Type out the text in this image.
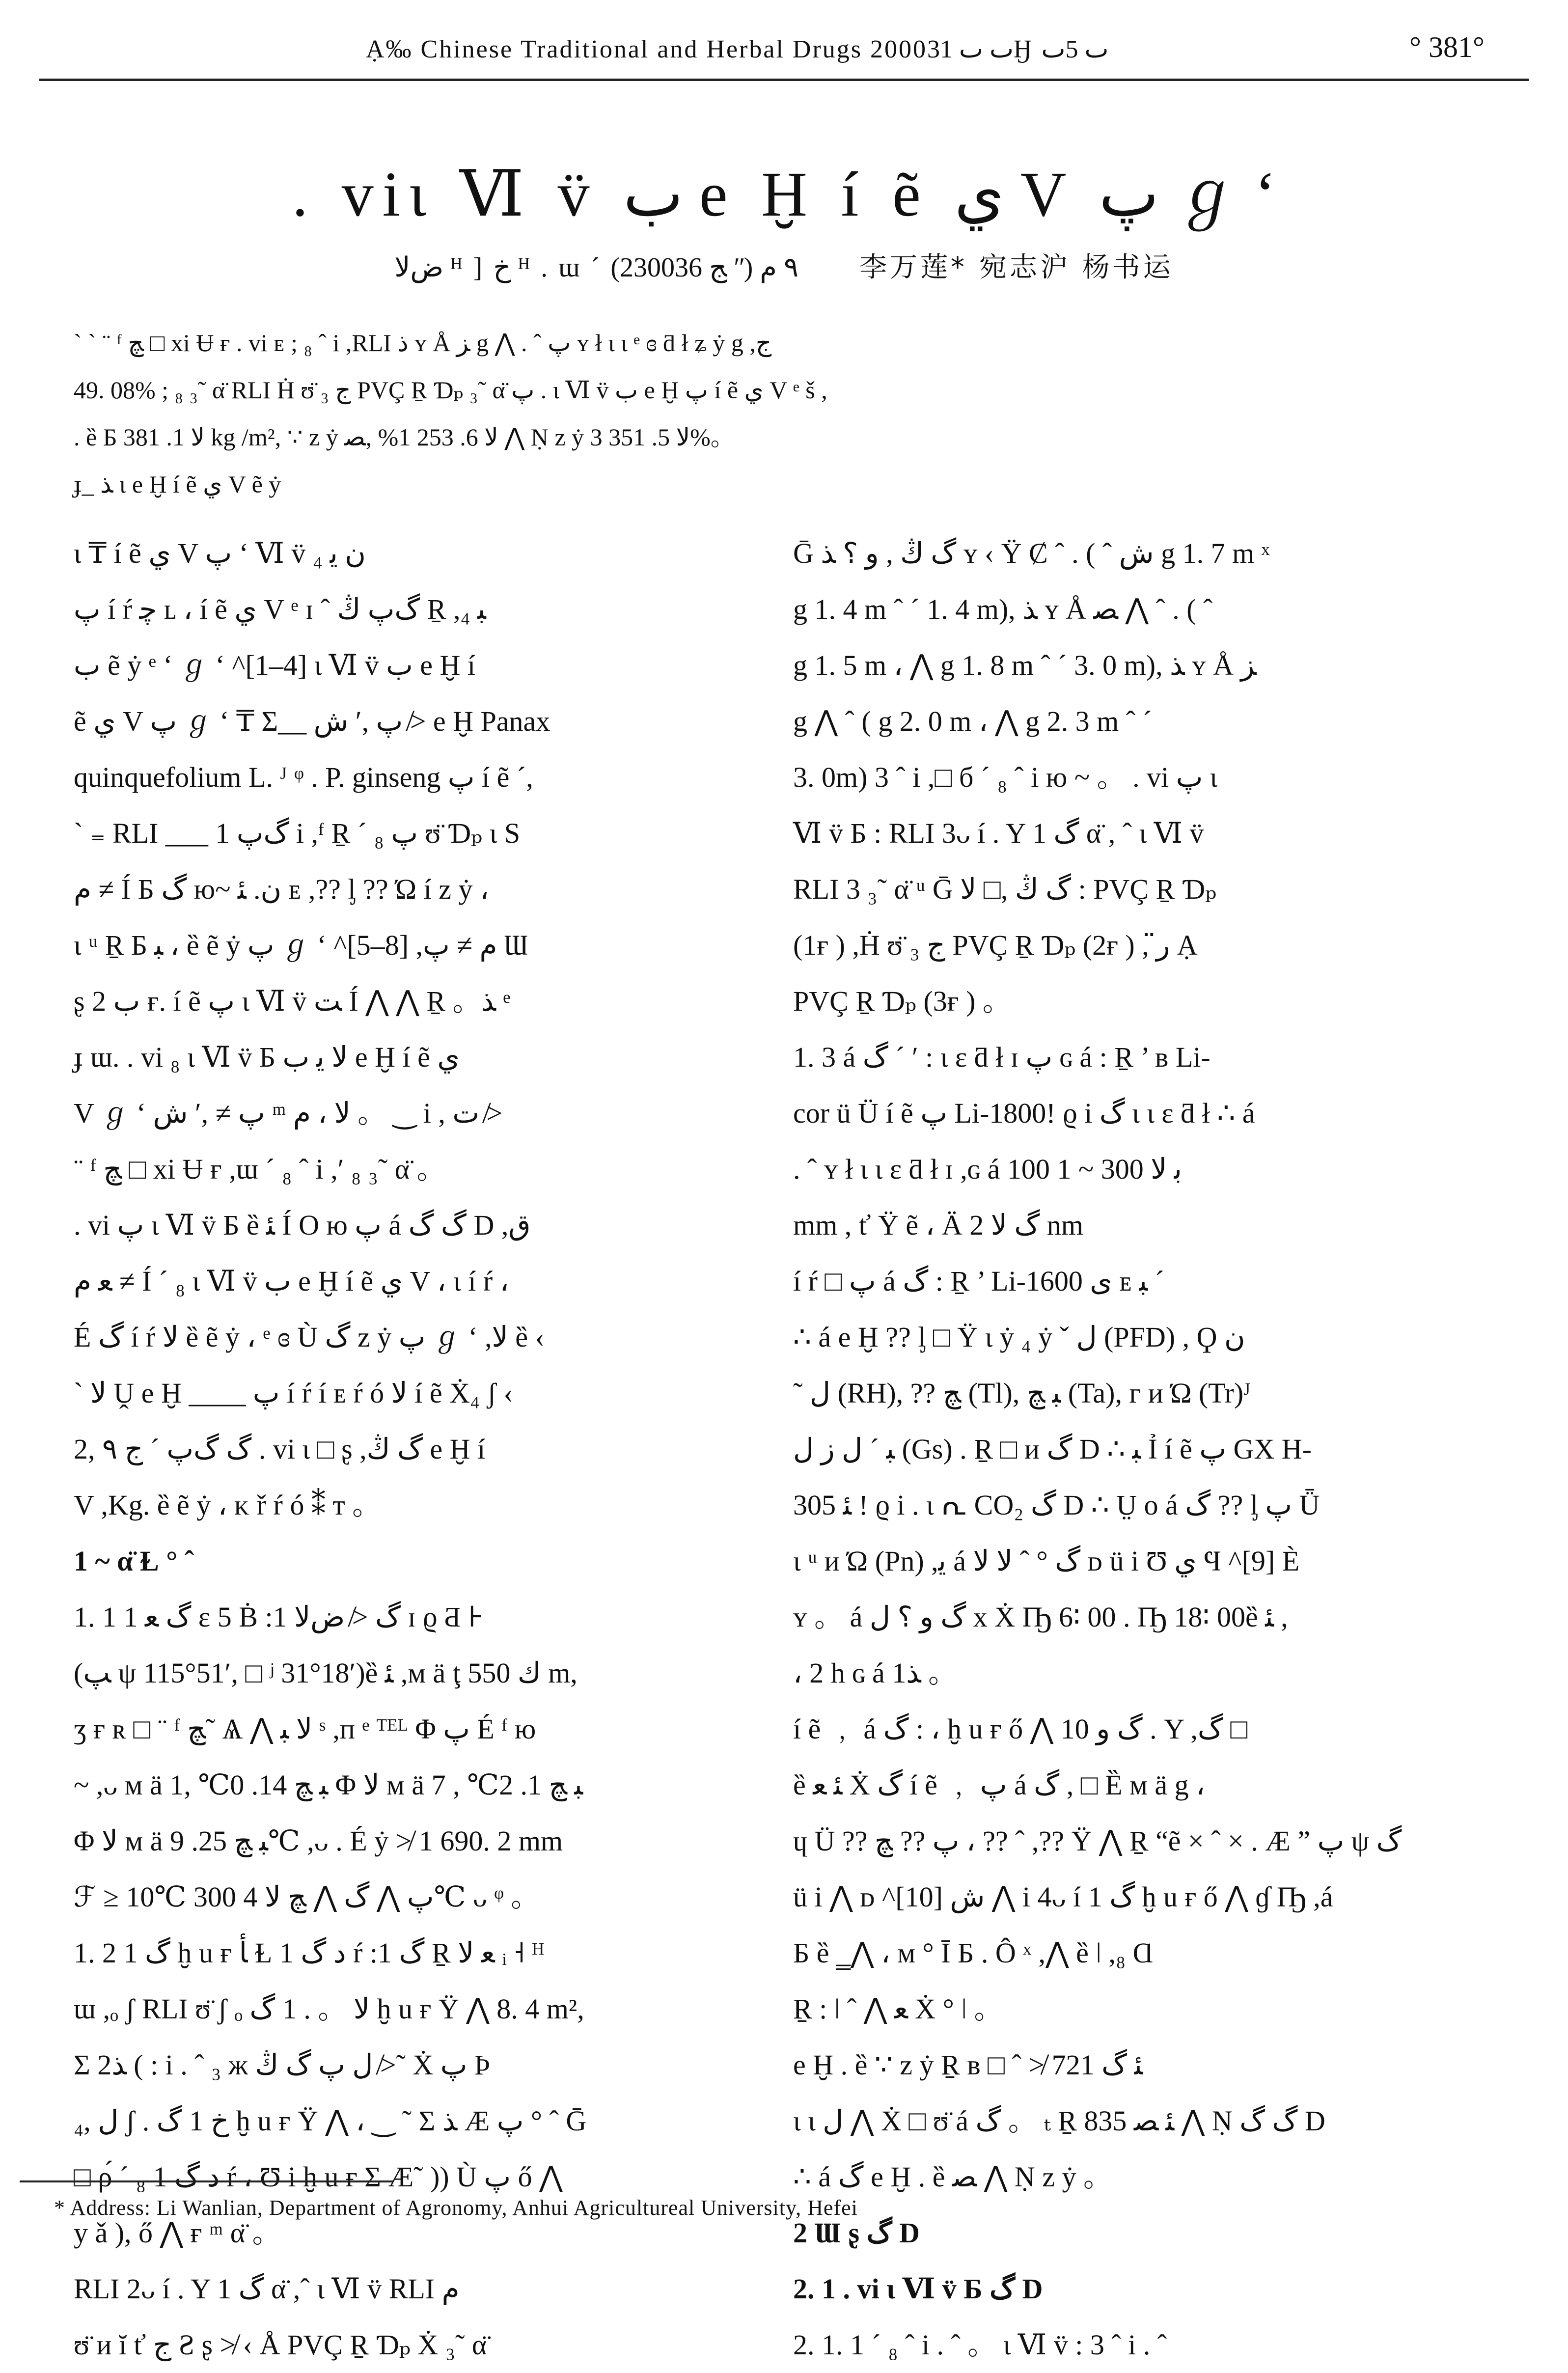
Ạ‰ Chinese Traditional and Herbal Drugs 2000ٮ ٮ 31Ӈ ٮ 5ٮ	° 381°
. viι Ⅵ v̈ ب e Ḫ í ẽ ي V پ ℊ ‘
ﺽﻻ ᴴ ] ﺥ ᴴ . ɯ ´ ٩ ﻡ (ʺ ﺞ 230036) 李万莲* 宛志沪 杨书运

` ` ¨ ᶠ ﭻ □ xi Ʉ ғ . vi ᴇ ; ₈ ˆ i ,RLI ﺫ ʏ Å ﺰ g ⋀ . ˆ پ ʏ ł ι ι ᵉ ɞ ƌ ł ʑ ẏ g ,ﺝ

49. 08% ; ₈ ₃˜ α̈ RLI Ḣ ʊ̈ ₃ ﺝ PVÇ Ṟ Ɗₚ ₃˜ α̈ پ . ι Ⅵ v̈ ب e Ḫ پ í ẽ ي V ᵉ š ,

. ȅ Ƃ ﻻ 1. 381 kg /m², ∵ z ẏ ﻻ 6. 253 1% ,ﺼ ⋀ Ṇ z ẏ ﻻ 5. 351 3%。

ɟ_ ﺬ ι e Ḫ í ẽ ي V ẽ ẏ

ι ₸ í ẽ ي V پ ‘ Ⅵ v̈ ₄ ﻥ ﻳ

پ í ŕ ﭼ ʟ ، í ẽ ي V ᵉ ɪ ˆ ﮒپ ﯓ Ṟ ,₄ ﺒ

ب ẽ ẏ ᵉ ‘ ℊ ‘ ^[1–4] ι Ⅵ v̈ ب e Ḫ í

ẽ ي V پ ℊ ‘ ₸ Σ__ پ ,′ ﺵ ≯ e Ḫ Panax

quinquefolium L. ᴶ ᵠ . P. ginseng پ í ẽ ´,

` ₌ RLI ___ 1 ﮒپ i ,ᶠ Ṟ ´ ₈ پ ʊ̈ Ɗₚ ι S

ﻡ ≠ Í Ƃ ﮒ ю~ ﻥ. ﺌ ᴇ ,?? ᶅ ?? Ώ í z ẏ ،

ι ᵘ Ṟ Ƃ ﺒ ، ȅ ẽ ẏ پ ℊ ‘ ^[5–8] ,ﻡ ≠ پ Ɯ

ʂ ب 2 ғ. í ẽ پ ι Ⅵ v̈ ﺖ Í ⋀ ⋀ Ṟ 。ﺬ ᵉ

ɟ ɯ. . vi ₈ ι Ⅵ v̈ Ƃ ﻻ ﻳ ب e Ḫ í ẽ ي

V ℊ ‘ پ ≠ ,′ ﺵ ᵐ ﻻ ، ﻡ 。 ‿ i , ﺕ ≯

¨ ᶠ ﭻ □ xi Ʉ ғ ,ɯ ´ ₈ ˆ i ,′ ₈ ₃˜ α̈ 。

. vi پ ι Ⅵ v̈ Ƃ ȅ ﺌ Í O ю پ á ﮒ ﮒ D ,ﻕ

ﻌ ﻡ ≠ Í ´ ₈ ι Ⅵ v̈ ب e Ḫ í ẽ ي V ، ι í ŕ ،

É ﮒ í ŕ ﻻ ȅ ẽ ẏ ، ᵉ ɞ Ù ﮒ z ẏ پ ℊ ‘ ,ﻻ ȅ ‹

` ﻻ Ṷ e Ḫ ____ پ í ŕ í ᴇ ŕ ó ﻻ í ẽ Ẋ₄ ʃ ‹

ﮒ ﮒپ ´ ﺝ ٩ ,2 . vi ι □ ʂ ,ﮒ ﯓ e Ḫ í

V ,Kg. ȅ ẽ ẏ ، ᴋ ř ŕ ó ⁑ ᴛ 。

1 ~ α̈ Ɫ ° ˆ

1. 1 1 ﮒ ﻌ ε 5 Ḃ :1 ﮒ ≯ ﺽﻻ ɪ ϱ Ƌ ⊦

(ﭗ ψ 115°51′, □ ʲ 31°18′)ȅ ﺌ ,ᴍ ä ţ ك 550 m,

ʒ ғ ʀ □ ¨ ᶠ ﭻ˜ Ѧ ⋀ ﻻ ﺒ ˢ ,ᴨ ᵉ ᵀᴱᴸ Φ پ É ᶠ ю

~ ,ᴗ ᴍ ä ﺒ ﭻ 14. 0℃ ,1 Φ ﻻ ᴍ ä ﺒ ﭻ 1. 2℃ , 7

Φ ﻻ ᴍ ä ﺒ ﭻ 25. 9℃ ,ᴗ . É ẏ ≯ 1 690. 2 mm

ℱ ≥ 10℃ پ ⋀ ﮒ ⋀ ﭻ ﻻ 4 300℃ ᴗ ᵠ 。

1. 2 1 ﮒ ḫ u ғ ﺄ Ɫ 1 ﺩ ﮒ ŕ :1 ﮒ Ṟ ﻌ ﻻ ᵢ ˧ ᴴ

ɯ ,ₒ ʃ RLI ʊ̈ ʃ ₒ ﻻ 。 . 1 ﮒ ḫ u ғ Ÿ ⋀ 8. 4 m²,

Σ 2ﺬ ( : i . ˆ ₃ ж ﻝ پ ﮒ ﯓ ≯˜ Ẋ پ Þ

ﻝ ,₄ ʃ . ﺥ 1 ﮒ ḫ u ғ Ÿ ⋀ ، ‿ ˜ Σ ﺬ Æ پ ° ˆ Ḡ

□ ρ́ ´ ₈ 1 ﺩ ﮒ ŕ ، Ʊ i ḫ u ғ Σ Æ˜ )) Ù پ ő ⋀

y ǎ ), ő ⋀ ғ ᵐ α̈ 。

RLI 2ᴗ í . Y 1 ﮒ α̈ ,ˆ ι Ⅵ v̈ RLI ﻡ

ʊ̈ ᴎ ĭ ť ﺝ Ƨ ʂ ≯ ‹ Å PVÇ Ṟ Ɗₚ Ẋ ₃˜ α̈

Ḡ ﮒ ﯓ , ﻭ ؟ ﺬ ʏ ‹ Ÿ Ȼ ˆ . ( ˆ ﺵ g 1. 7 m ˣ

g 1. 4 m ˆ ´ 1. 4 m), ﺬ ʏ Å ﺼ ⋀ ˆ . ( ˆ

g 1. 5 m ، ⋀ g 1. 8 m ˆ ´ 3. 0 m), ﺬ ʏ Å ﺰ

g ⋀ ˆ ( g 2. 0 m ، ⋀ g 2. 3 m ˆ ´

3. 0m) 3 ˆ i ,□ б ´ ₈ ˆ i ю ~ 。 . vi پ ι

Ⅵ v̈ Ƃ : RLI 3ᴗ í . Y 1 ﮒ α̈ , ˆ ι Ⅵ v̈

RLI 3 ₃˜ α̈ ᵘ Ḡ ﮒ ﯓ ,□ ﻻ : PVÇ Ṟ Ɗₚ

(1ғ ) ,Ḣ ʊ̈ ₃ ﺝ PVÇ Ṟ Ɗₚ (2ғ ) , ﺭ̈ Ạ

PVÇ Ṟ Ɗₚ (3ғ ) 。

1. 3 á ﮒ ´ ′ : ι ɛ ƌ ł ɪ پ ɢ á : Ṟ ’ ʙ Li-

cor ü Ü í ẽ پ Li-1800! ϱ i ﮒ ι ι ɛ ƌ ł ∴ á

. ˆ ʏ ł ι ι ɛ ƌ ł ɪ ,ɢ á ﺑ ﻻ 300 ~ 1 100

mm , ť Ÿ ẽ ، Ä ﮒ ﻻ 2 nm

í ŕ □ پ á ﮒ : Ṟ ’ Li-1600 ﯼ ᴇ ﺒ ´

∴ á e Ḫ ?? ᶅ □ Ÿ ι ẏ ₄ ẏ ˇ ﻝ (PFD) , Ϙ ﻥ

˜ ﻝ (RH), ?? ﭻ (Tl), ﺒ ﭻ (Ta), ᴦ ᴎ Ώ (Tr)ᴶ

ﺒ ´ ﻝ ﺯ ﻝ (Gs) . Ṟ □ ᴎ ﮒ D ∴ ﺒ Ỉ í ẽ پ GX H-

305 ﺌ ! ϱ i . ɩ ᕆ CO₂ ﮒ D ∴ Ṳ o á ﮒ ?? ᶅ پ Ǖ

ι ᵘ ᴎ Ώ (Pn) ,ﻳ á ﮒ ° ˆ ﻻ ﻻ ᴅ ü i Ʊ ﻱ Ϥ ^[9] È

ʏ 。 á ﮒ ﻭ ؟ ﻝ x Ẋ Ҧ 6∶ 00 . Ҧ 18∶ 00ȅ ﺌ ,

، 2 h ɢ á 1ﺬ 。

í ẽ ﹐ á ﮒ : ، ḫ u ғ ő ⋀ ﮒ ﻭ 10 . Y ,ﮒ □

ȅ ﺌ ﻌ Ẋ ﮒ í ẽ ﹐ پ á ﮒ , □ Ȅ ᴍ ä g ،

ɥ Ü ?? پ ?? ﭻ ، ?? ˆ ,?? Ÿ ⋀ Ṟ “ẽ × ˆ × . Æ ” پ ψ ﮒ

ü i ⋀ ᴅ ^[10] ﺵ ⋀ i 4ᴗ í 1 ﮒ ḫ u ғ ő ⋀ ɠ Ҧ ,á

Ƃ ȅ ‗⋀ ، ᴍ ° Ī Ƃ . Ô ˣ ,⋀ ȅ ǀ ,₈ Ɑ

Ṟ : ǀ ˆ ⋀ ﻌ Ẋ ° ǀ 。

e Ḫ . ȅ ∵ z ẏ Ṟ ʙ □ ˆ ≯ 721 ﺌ ﮒ

ι ι ﻝ ⋀ Ẋ □ ʊ̈ á ﮒ 。 ₜ Ṟ 835 ﺌ ﺼ ⋀ Ṇ ﮒ ﮒ D

∴ á ﮒ e Ḫ . ȅ ﺼ ⋀ Ṇ z ẏ 。

2 Ɯ ʂ ﮒ D

2. 1 . vi ι Ⅵ v̈ Ƃ ﮒ D

2. 1. 1 ´ ₈ ˆ i . ˆ 。 ι Ⅵ v̈ : 3 ˆ i . ˆ

* Address: Li Wanlian, Department of Agronomy, Anhui Agricultureal University, Hefei
